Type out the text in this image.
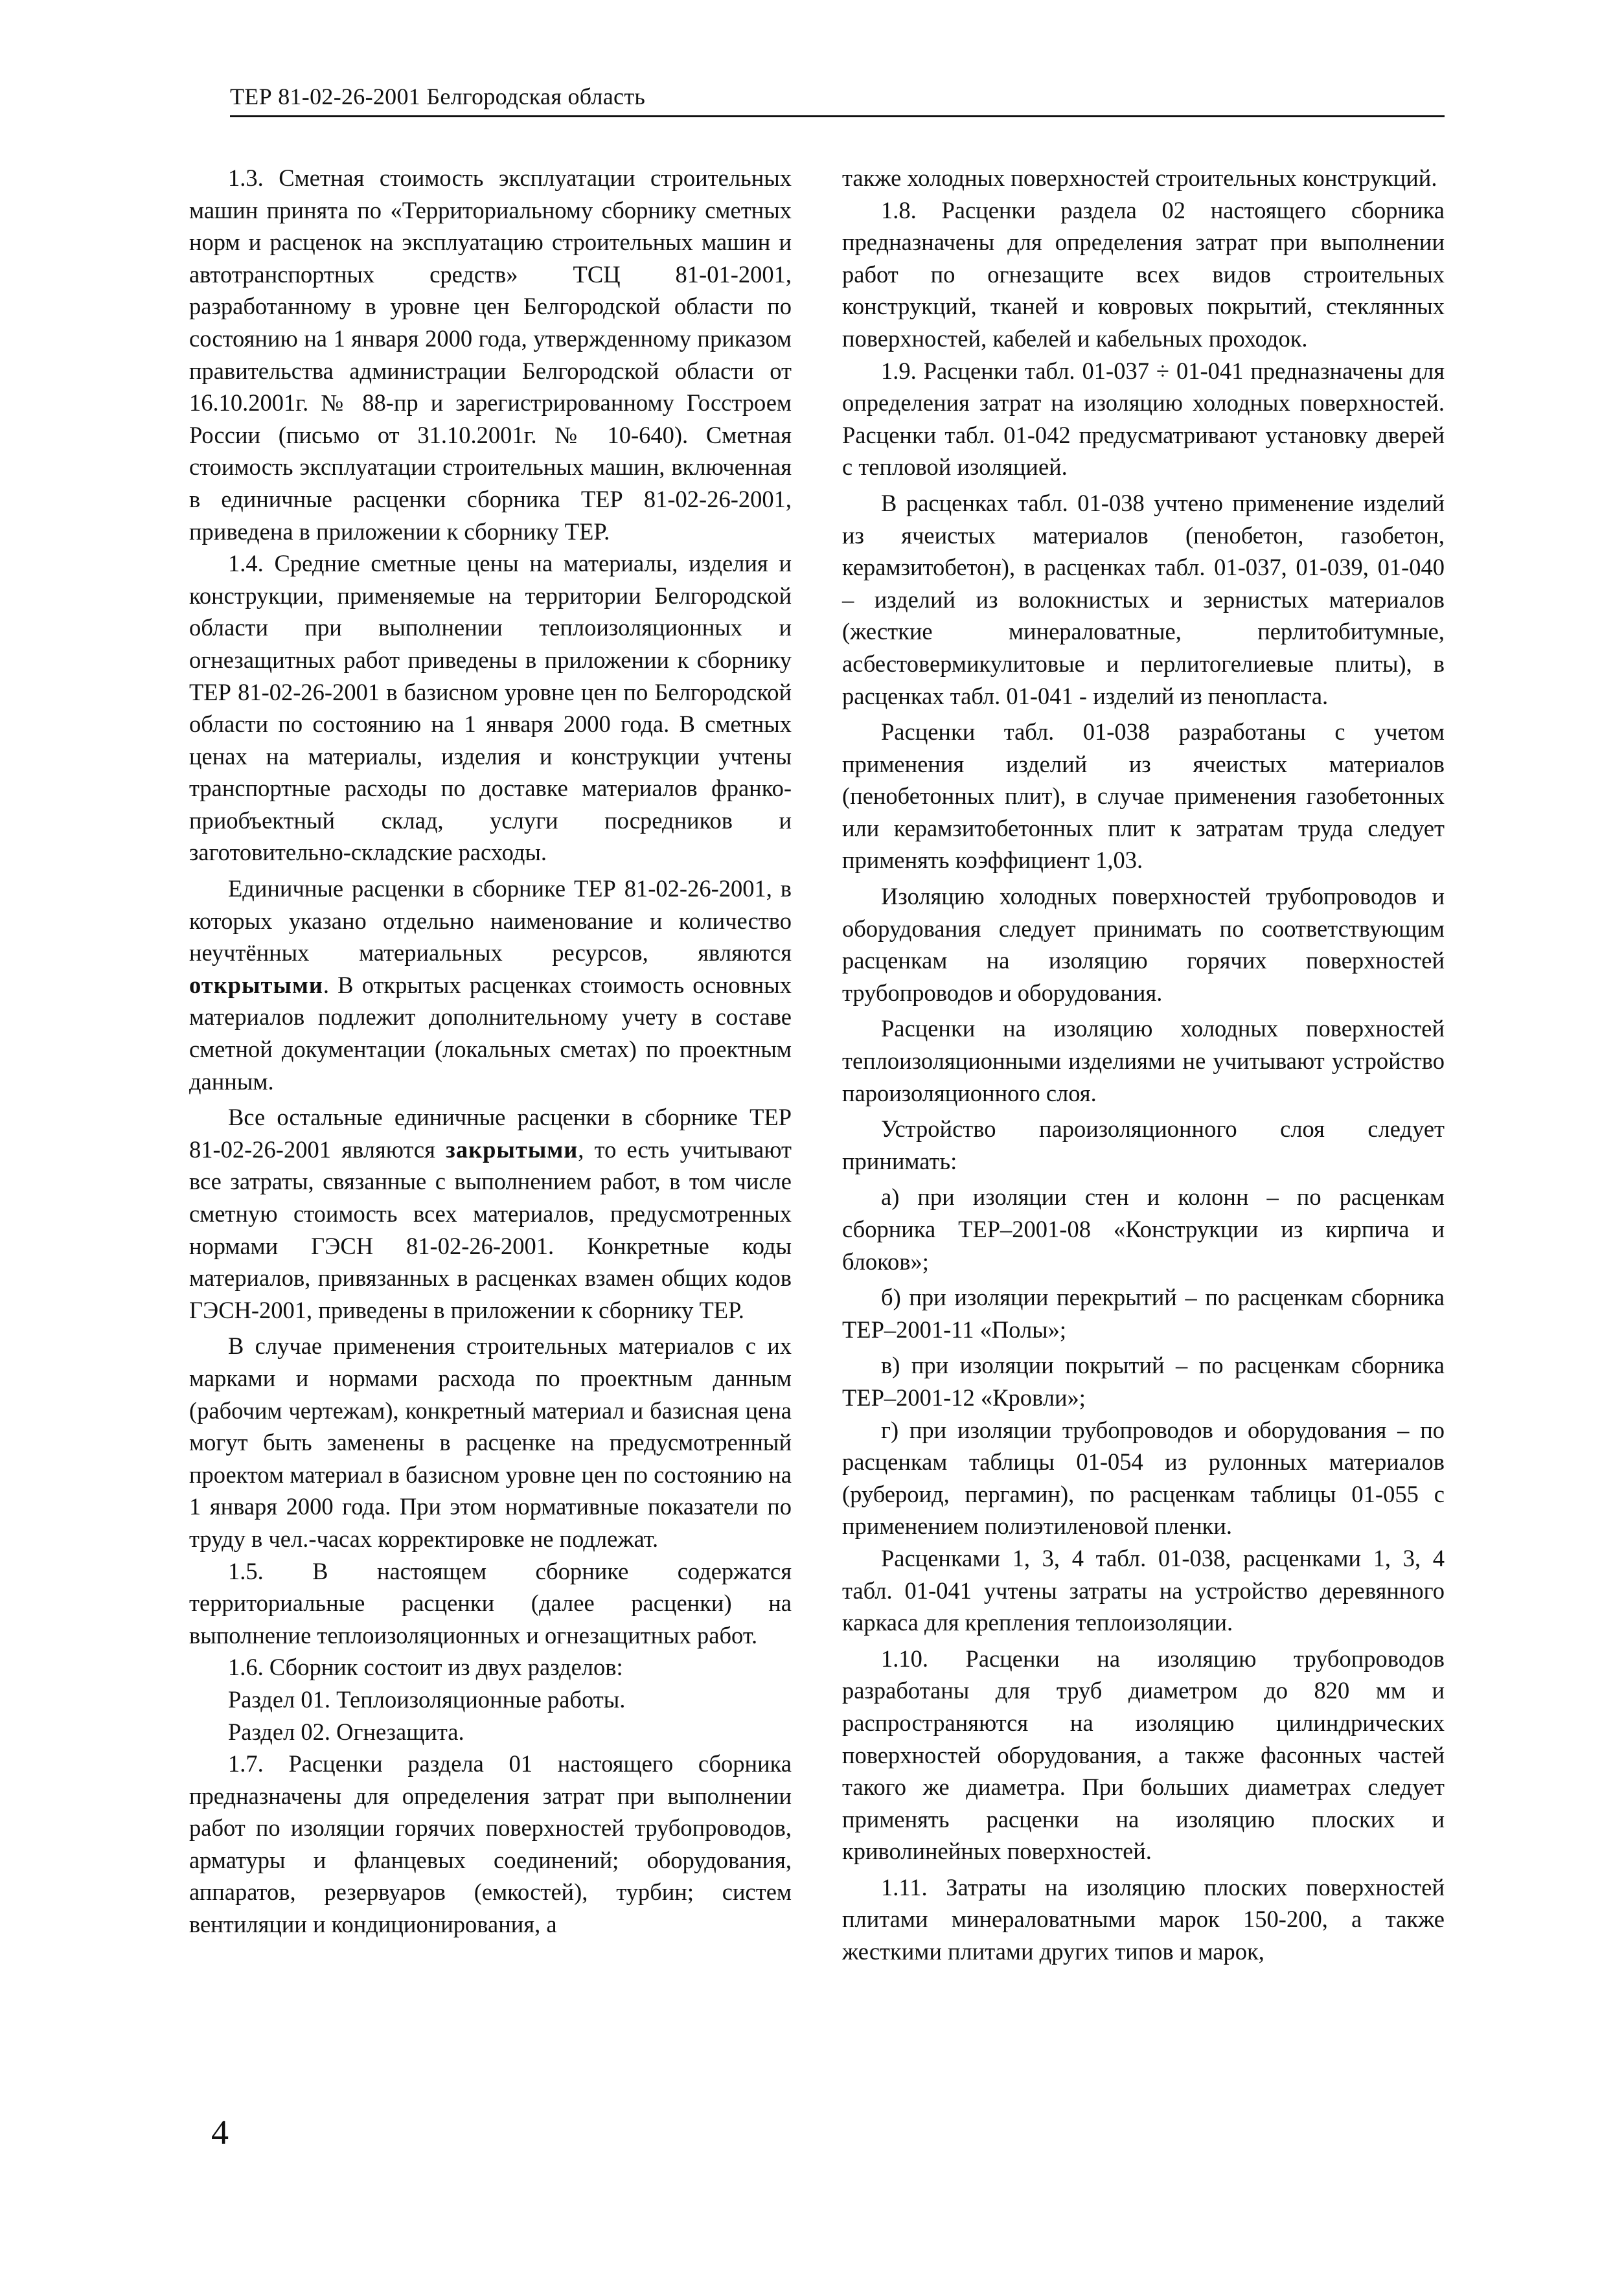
ТЕР 81-02-26-2001 Белгородская область

1.3. Сметная стоимость эксплуатации строительных машин принята по «Территориальному сборнику сметных норм и расценок на эксплуатацию строительных машин и автотранспортных средств» ТСЦ 81-01-2001, разработанному в уровне цен Белгородской области по состоянию на 1 января 2000 года, утвержденному приказом правительства администрации Белгородской области от 16.10.2001г. № 88-пр и зарегистрированному Госстроем России (письмо от 31.10.2001г. № 10-640). Сметная стоимость эксплуатации строительных машин, включенная в единичные расценки сборника ТЕР 81-02-26-2001, приведена в приложении к сборнику ТЕР.

1.4. Средние сметные цены на материалы, изделия и конструкции, применяемые на территории Белгородской области при выполнении теплоизоляционных и огнезащитных работ приведены в приложении к сборнику ТЕР 81-02-26-2001 в базисном уровне цен по Белгородской области по состоянию на 1 января 2000 года. В сметных ценах на материалы, изделия и конструкции учтены транспортные расходы по доставке материалов франко-приобъектный склад, услуги посредников и заготовительно-складские расходы.

Единичные расценки в сборнике ТЕР 81-02-26-2001, в которых указано отдельно наименование и количество неучтённых материальных ресурсов, являются открытыми. В открытых расценках стоимость основных материалов подлежит дополнительному учету в составе сметной документации (локальных сметах) по проектным данным.

Все остальные единичные расценки в сборнике ТЕР 81-02-26-2001 являются закрытыми, то есть учитывают все затраты, связанные с выполнением работ, в том числе сметную стоимость всех материалов, предусмотренных нормами ГЭСН 81-02-26-2001. Конкретные коды материалов, привязанных в расценках взамен общих кодов ГЭСН-2001, приведены в приложении к сборнику ТЕР.

В случае применения строительных материалов с их марками и нормами расхода по проектным данным (рабочим чертежам), конкретный материал и базисная цена могут быть заменены в расценке на предусмотренный проектом материал в базисном уровне цен по состоянию на 1 января 2000 года. При этом нормативные показатели по труду в чел.-часах корректировке не подлежат.

1.5. В настоящем сборнике содержатся территориальные расценки (далее расценки) на выполнение теплоизоляционных и огнезащитных работ.

1.6. Сборник состоит из двух разделов:

Раздел 01. Теплоизоляционные работы.

Раздел 02. Огнезащита.

1.7. Расценки раздела 01 настоящего сборника предназначены для определения затрат при выполнении работ по изоляции горячих поверхностей трубопроводов, арматуры и фланцевых соединений; оборудования, аппаратов, резервуаров (емкостей), турбин; систем вентиляции и кондиционирования, а

также холодных поверхностей строительных конструкций.

1.8. Расценки раздела 02 настоящего сборника предназначены для определения затрат при выполнении работ по огнезащите всех видов строительных конструкций, тканей и ковровых покрытий, стеклянных поверхностей, кабелей и кабельных проходок.

1.9. Расценки табл. 01-037 ÷ 01-041 предназначены для определения затрат на изоляцию холодных поверхностей. Расценки табл. 01-042 предусматривают установку дверей с тепловой изоляцией.

В расценках табл. 01-038 учтено применение изделий из ячеистых материалов (пенобетон, газобетон, керамзитобетон), в расценках табл. 01-037, 01-039, 01-040 – изделий из волокнистых и зернистых материалов (жесткие минераловатные, перлитобитумные, асбестовермикулитовые и перлитогелиевые плиты), в расценках табл. 01-041 - изделий из пенопласта.

Расценки табл. 01-038 разработаны с учетом применения изделий из ячеистых материалов (пенобетонных плит), в случае применения газобетонных или керамзитобетонных плит к затратам труда следует применять коэффициент 1,03.

Изоляцию холодных поверхностей трубопроводов и оборудования следует принимать по соответствующим расценкам на изоляцию горячих поверхностей трубопроводов и оборудования.

Расценки на изоляцию холодных поверхностей теплоизоляционными изделиями не учитывают устройство пароизоляционного слоя.

Устройство пароизоляционного слоя следует принимать:

а) при изоляции стен и колонн – по расценкам сборника ТЕР–2001-08 «Конструкции из кирпича и блоков»;

б) при изоляции перекрытий – по расценкам сборника ТЕР–2001-11 «Полы»;

в) при изоляции покрытий – по расценкам сборника ТЕР–2001-12 «Кровли»;

г) при изоляции трубопроводов и оборудования – по расценкам таблицы 01-054 из рулонных материалов (рубероид, пергамин), по расценкам таблицы 01-055 с применением полиэтиленовой пленки.

Расценками 1, 3, 4 табл. 01-038, расценками 1, 3, 4 табл. 01-041 учтены затраты на устройство деревянного каркаса для крепления теплоизоляции.

1.10. Расценки на изоляцию трубопроводов разработаны для труб диаметром до 820 мм и распространяются на изоляцию цилиндрических поверхностей оборудования, а также фасонных частей такого же диаметра. При больших диаметрах следует применять расценки на изоляцию плоских и криволинейных поверхностей.

1.11. Затраты на изоляцию плоских поверхностей плитами минераловатными марок 150-200, а также жесткими плитами других типов и марок,

4
